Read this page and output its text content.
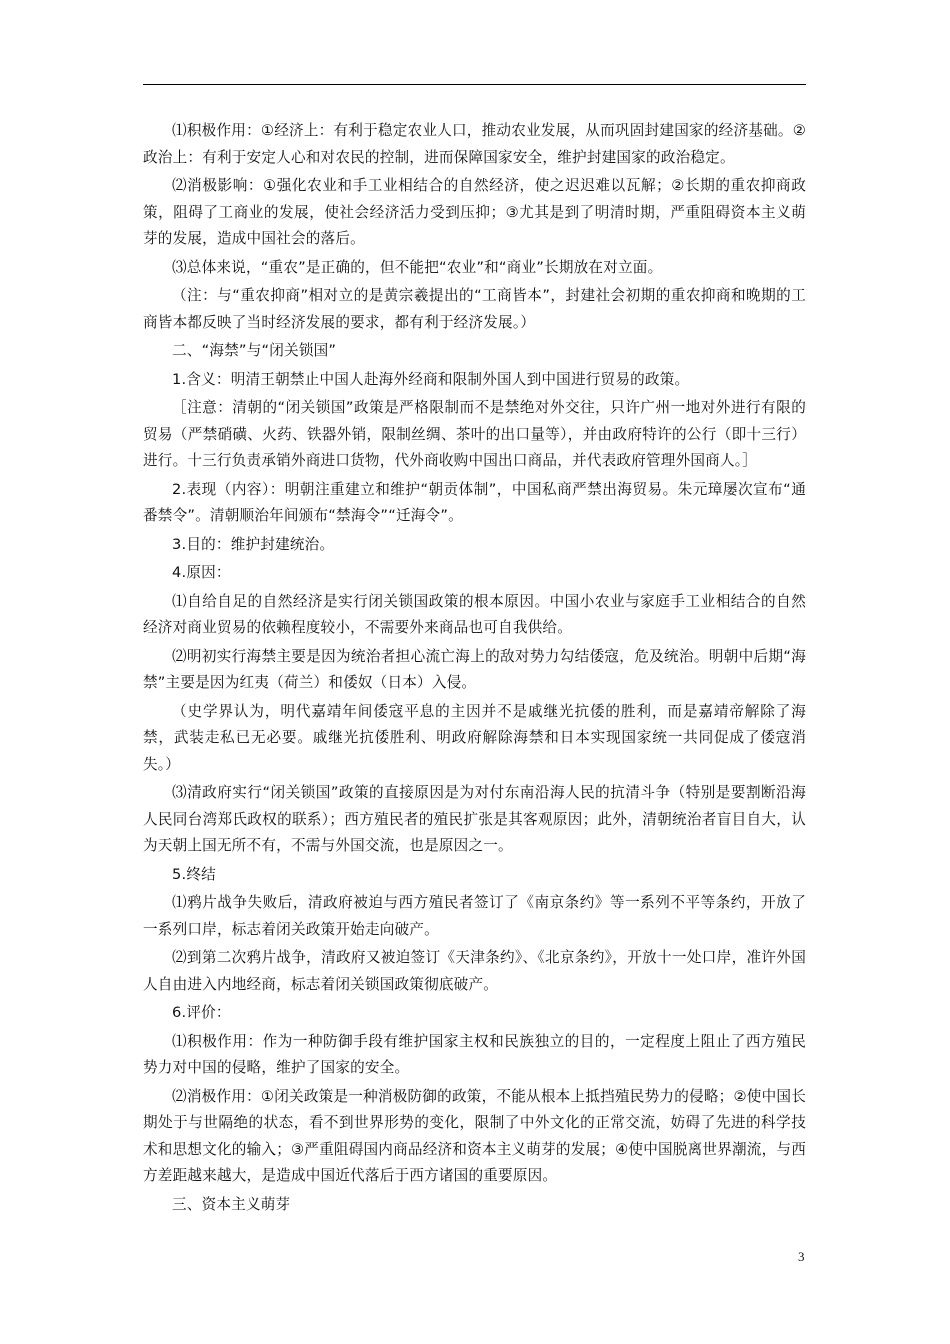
⑴积极作用：①经济上：有利于稳定农业人口，推动农业发展，从而巩固封建国家的经济基础。②政治上：有利于安定人心和对农民的控制，进而保障国家安全，维护封建国家的政治稳定。

⑵消极影响：①强化农业和手工业相结合的自然经济，使之迟迟难以瓦解；②长期的重农抑商政策，阻碍了工商业的发展，使社会经济活力受到压抑；③尤其是到了明清时期，严重阻碍资本主义萌芽的发展，造成中国社会的落后。

⑶总体来说，“重农”是正确的，但不能把“农业”和“商业”长期放在对立面。

（注：与“重农抑商”相对立的是黄宗羲提出的“工商皆本”，封建社会初期的重农抑商和晚期的工商皆本都反映了当时经济发展的要求，都有利于经济发展。）

二、“海禁”与“闭关锁国”

1.含义：明清王朝禁止中国人赴海外经商和限制外国人到中国进行贸易的政策。

［注意：清朝的“闭关锁国”政策是严格限制而不是禁绝对外交往，只许广州一地对外进行有限的贸易（严禁硝磺、火药、铁器外销，限制丝绸、茶叶的出口量等），并由政府特许的公行（即十三行）进行。十三行负责承销外商进口货物，代外商收购中国出口商品，并代表政府管理外国商人。］

2.表现（内容）：明朝注重建立和维护“朝贡体制”，中国私商严禁出海贸易。朱元璋屡次宣布“通番禁令”。清朝顺治年间颁布“禁海令”“迁海令”。

3.目的：维护封建统治。

4.原因：

⑴自给自足的自然经济是实行闭关锁国政策的根本原因。中国小农业与家庭手工业相结合的自然经济对商业贸易的依赖程度较小，不需要外来商品也可自我供给。

⑵明初实行海禁主要是因为统治者担心流亡海上的敌对势力勾结倭寇，危及统治。明朝中后期“海禁”主要是因为红夷（荷兰）和倭奴（日本）入侵。

（史学界认为，明代嘉靖年间倭寇平息的主因并不是戚继光抗倭的胜利，而是嘉靖帝解除了海禁，武装走私已无必要。戚继光抗倭胜利、明政府解除海禁和日本实现国家统一共同促成了倭寇消失。）

⑶清政府实行“闭关锁国”政策的直接原因是为对付东南沿海人民的抗清斗争（特别是要割断沿海人民同台湾郑氏政权的联系）；西方殖民者的殖民扩张是其客观原因；此外，清朝统治者盲目自大，认为天朝上国无所不有，不需与外国交流，也是原因之一。

5.终结

⑴鸦片战争失败后，清政府被迫与西方殖民者签订了《南京条约》等一系列不平等条约，开放了一系列口岸，标志着闭关政策开始走向破产。

⑵到第二次鸦片战争，清政府又被迫签订《天津条约》、《北京条约》，开放十一处口岸，准许外国人自由进入内地经商，标志着闭关锁国政策彻底破产。

6.评价：

⑴积极作用：作为一种防御手段有维护国家主权和民族独立的目的，一定程度上阻止了西方殖民势力对中国的侵略，维护了国家的安全。

⑵消极作用：①闭关政策是一种消极防御的政策，不能从根本上抵挡殖民势力的侵略；②使中国长期处于与世隔绝的状态，看不到世界形势的变化，限制了中外文化的正常交流，妨碍了先进的科学技术和思想文化的输入；③严重阻碍国内商品经济和资本主义萌芽的发展；④使中国脱离世界潮流，与西方差距越来越大，是造成中国近代落后于西方诸国的重要原因。

三、资本主义萌芽

3
